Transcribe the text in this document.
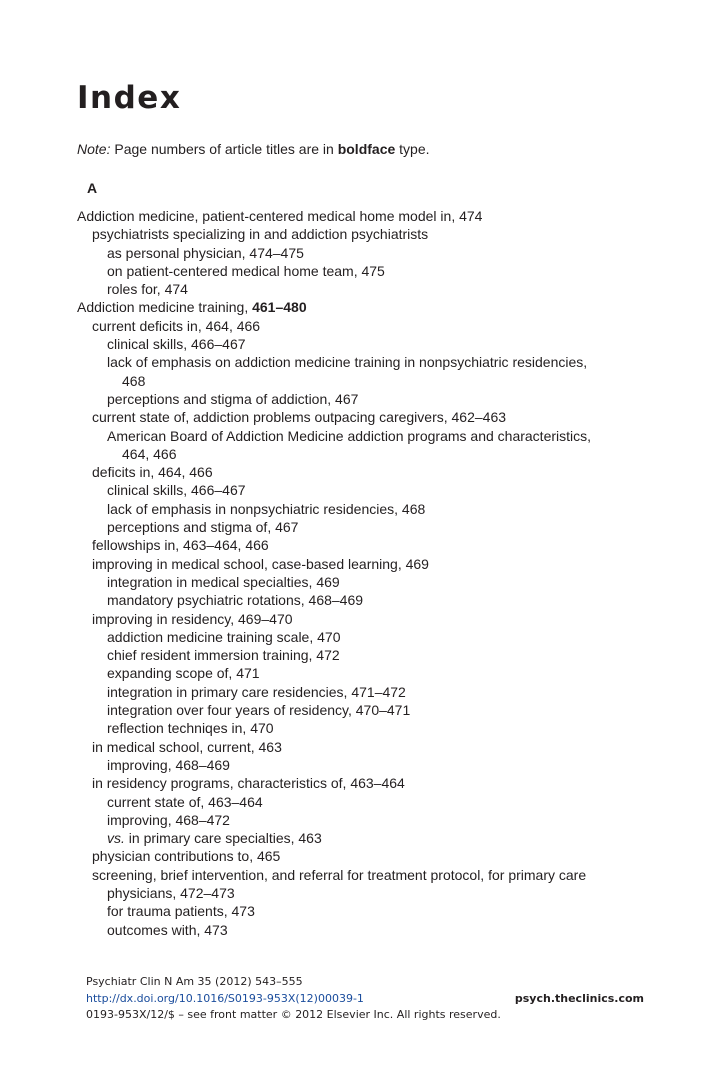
Index
Note: Page numbers of article titles are in boldface type.
A
Addiction medicine, patient-centered medical home model in, 474
psychiatrists specializing in and addiction psychiatrists
as personal physician, 474–475
on patient-centered medical home team, 475
roles for, 474
Addiction medicine training, 461–480
current deficits in, 464, 466
clinical skills, 466–467
lack of emphasis on addiction medicine training in nonpsychiatric residencies,
468
perceptions and stigma of addiction, 467
current state of, addiction problems outpacing caregivers, 462–463
American Board of Addiction Medicine addiction programs and characteristics,
464, 466
deficits in, 464, 466
clinical skills, 466–467
lack of emphasis in nonpsychiatric residencies, 468
perceptions and stigma of, 467
fellowships in, 463–464, 466
improving in medical school, case-based learning, 469
integration in medical specialties, 469
mandatory psychiatric rotations, 468–469
improving in residency, 469–470
addiction medicine training scale, 470
chief resident immersion training, 472
expanding scope of, 471
integration in primary care residencies, 471–472
integration over four years of residency, 470–471
reflection techniqes in, 470
in medical school, current, 463
improving, 468–469
in residency programs, characteristics of, 463–464
current state of, 463–464
improving, 468–472
vs. in primary care specialties, 463
physician contributions to, 465
screening, brief intervention, and referral for treatment protocol, for primary care
physicians, 472–473
for trauma patients, 473
outcomes with, 473
Psychiatr Clin N Am 35 (2012) 543–555
http://dx.doi.org/10.1016/S0193-953X(12)00039-1	psych.theclinics.com
0193-953X/12/$ – see front matter © 2012 Elsevier Inc. All rights reserved.
